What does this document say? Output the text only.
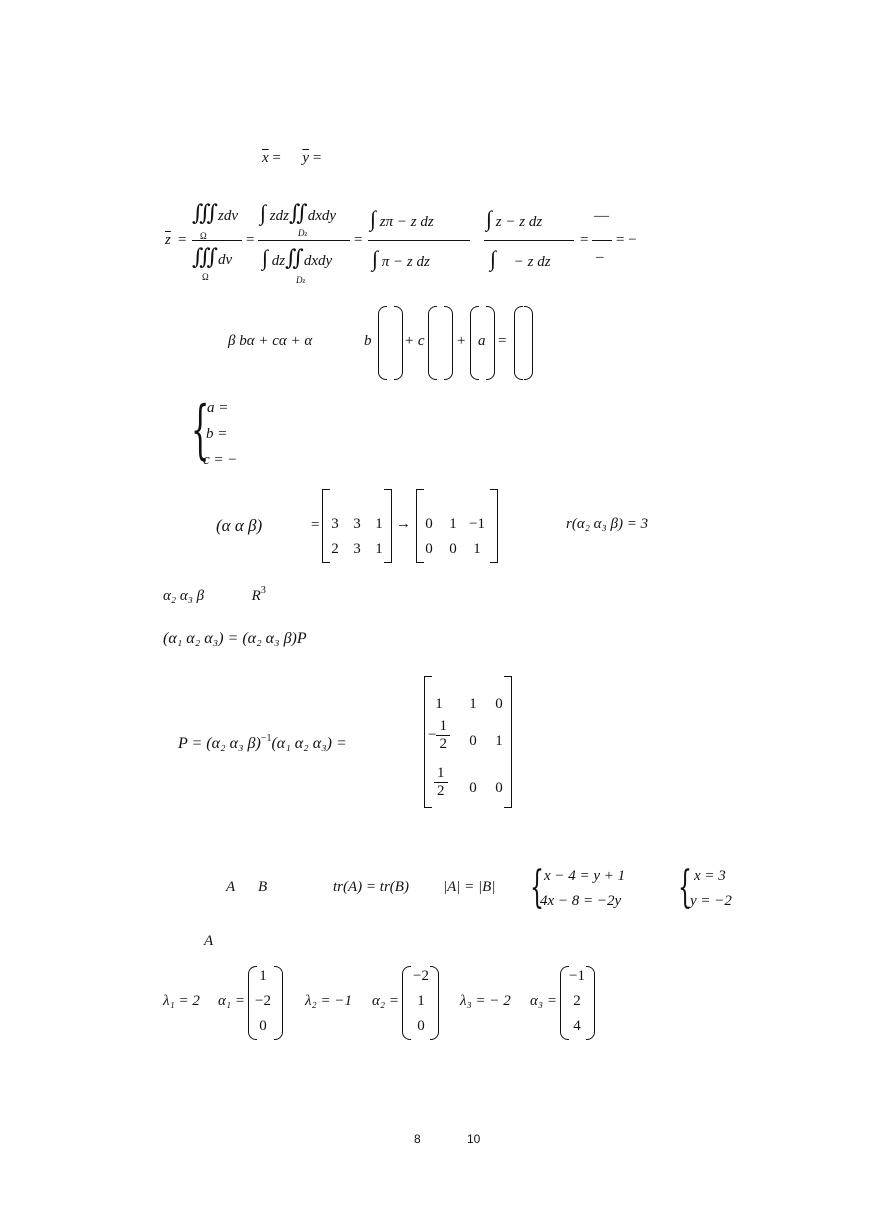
$\overline{x} = \overline{y}$ =
$\overline{z}$ =
∭zdv
Ω
∭dv
Ω
=
∫ zdz∬dxdy
Dz
∫ dz∬dxdy
Dz
=
∫ zπ − z dz
∫ π − z dz
∫ z − z dz
∫ − z dz
=
—
_
= −
β bα + cα + α	b + c + a =
{
a =
b =
c = −
(α α β)	= 3 3 1
2 3 1
→ 0	1 −1
0	0	1
r(α₂ α₃ β) = 3
α₂ α₃ β	$R^3$
(α₁ α₂ α₃) = (α₂ α₃ β)P
P = (α₂ α₃ β)$^{-1}$(α₁ α₂ α₃) =
1	1	0
− $\frac{1}{2}$	0	1
$\frac{1}{2}$	0	0
A B	tr(A) = tr(B) |A| = |B| { x − 4 = y + 1
4x − 8 = −2y { x = 3
y = −2
A
λ₁ = 2 α₁ =
1
−2
0
λ₂ = −1 α₂ =
−2
1
0
λ₃ = − 2 α₃ =
−1
2
4
8	10
